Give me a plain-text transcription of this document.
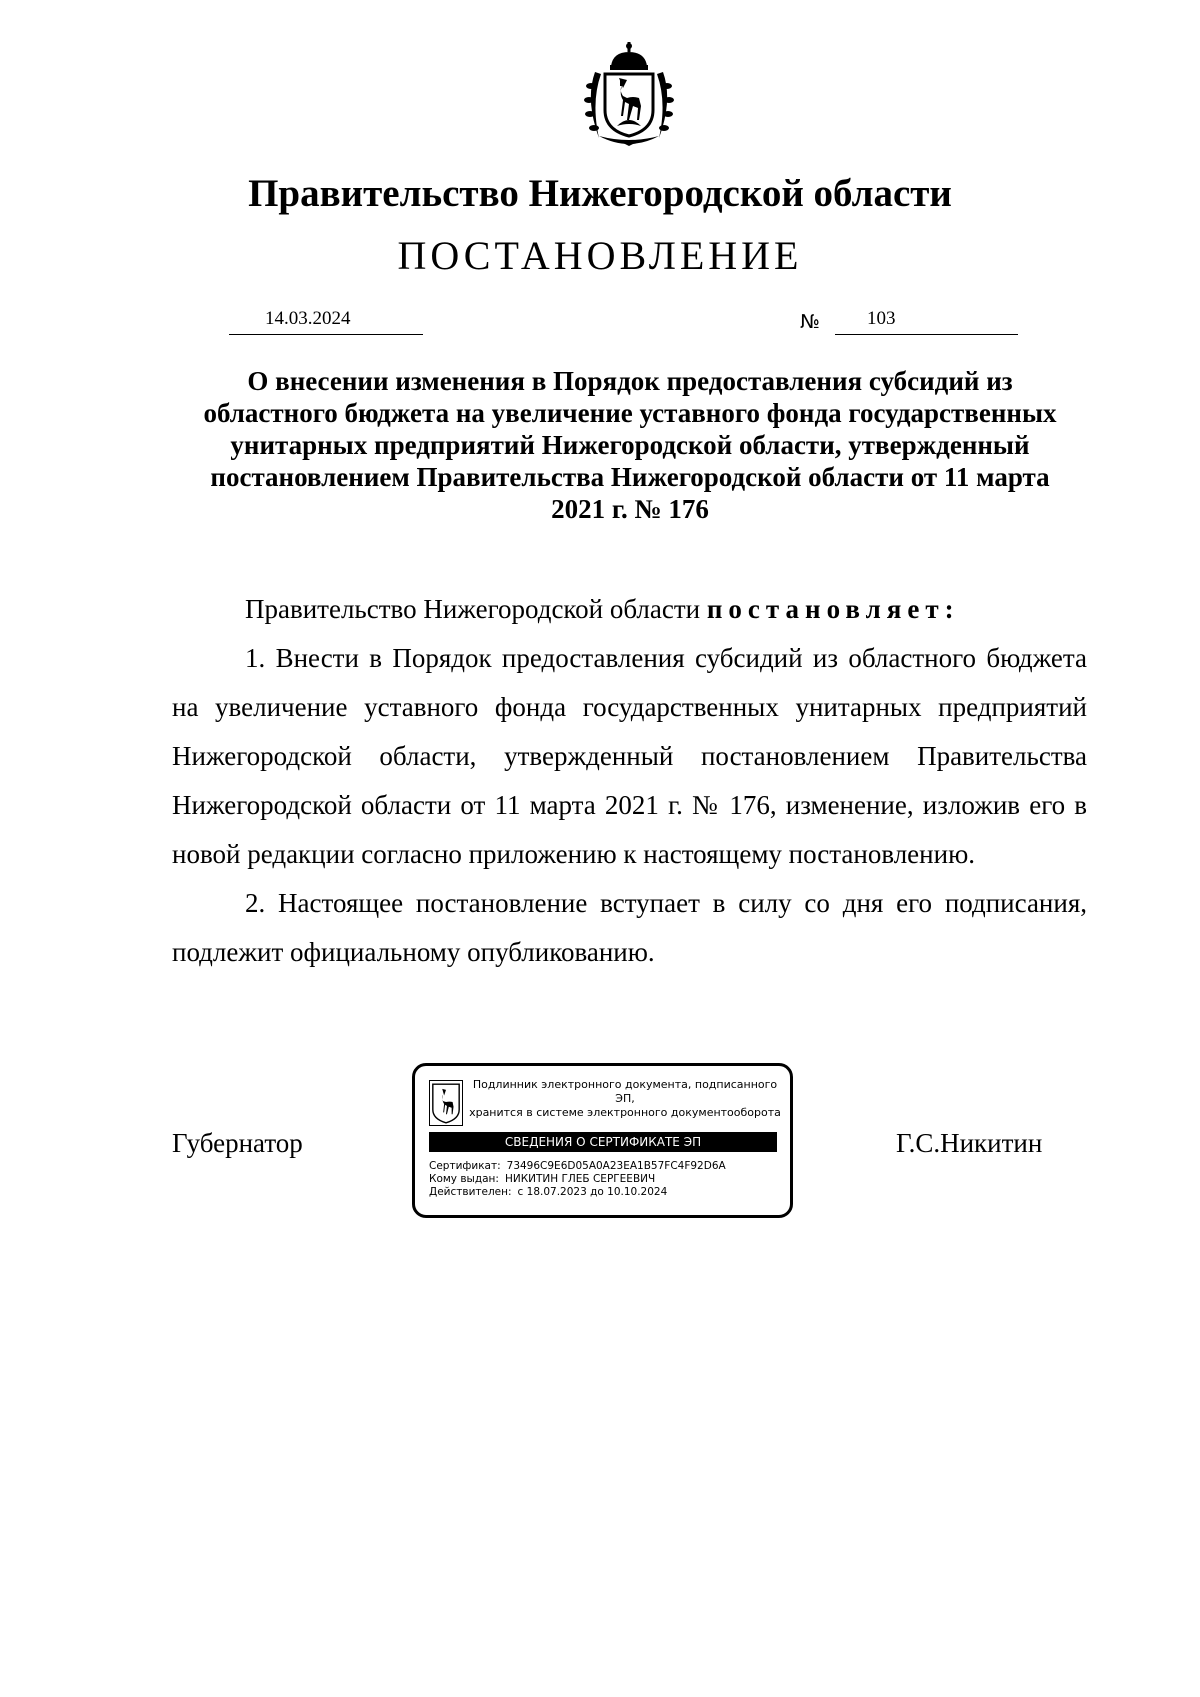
Правительство Нижегородской области
ПОСТАНОВЛЕНИЕ
14.03.2024	№	103
О внесении изменения в Порядок предоставления субсидий из областного бюджета на увеличение уставного фонда государственных унитарных предприятий Нижегородской области, утвержденный постановлением Правительства Нижегородской области от 11 марта 2021 г. № 176

Правительство Нижегородской области постановляет:

1. Внести в Порядок предоставления субсидий из областного бюджета на увеличение уставного фонда государственных унитарных предприятий Нижегородской области, утвержденный постановлением Правительства Нижегородской области от 11 марта 2021 г. № 176, изменение, изложив его в новой редакции согласно приложению к настоящему постановлению.

2. Настоящее постановление вступает в силу со дня его подписания, подлежит официальному опубликованию.

Губернатор	Г.С.Никитин
Подлинник электронного документа, подписанного ЭП,
хранится в системе электронного документооборота
СВЕДЕНИЯ О СЕРТИФИКАТЕ ЭП
Сертификат: 73496C9E6D05A0A23EA1B57FC4F92D6A
Кому выдан: НИКИТИН ГЛЕБ СЕРГЕЕВИЧ
Действителен: с 18.07.2023 до 10.10.2024
